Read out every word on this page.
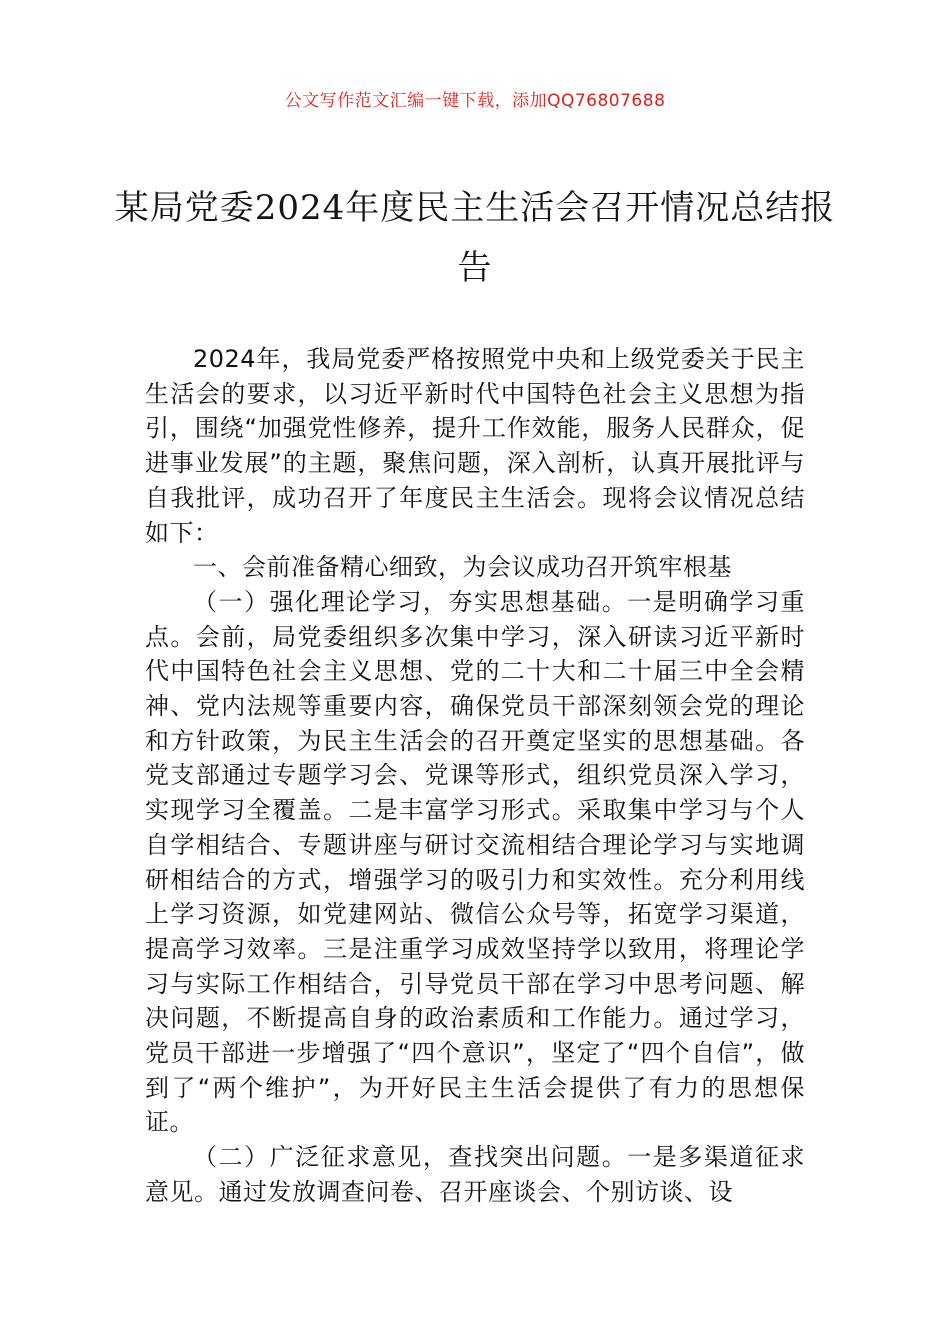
公文写作范文汇编一键下载，添加QQ76807688
某局党委2024年度民主生活会召开情况总结报告

2024年，我局党委严格按照党中央和上级党委关于民主生活会的要求，以习近平新时代中国特色社会主义思想为指引，围绕“加强党性修养，提升工作效能，服务人民群众，促进事业发展”的主题，聚焦问题，深入剖析，认真开展批评与自我批评，成功召开了年度民主生活会。现将会议情况总结如下：

一、会前准备精心细致，为会议成功召开筑牢根基

（一）强化理论学习，夯实思想基础。一是明确学习重点。会前，局党委组织多次集中学习，深入研读习近平新时代中国特色社会主义思想、党的二十大和二十届三中全会精神、党内法规等重要内容，确保党员干部深刻领会党的理论和方针政策，为民主生活会的召开奠定坚实的思想基础。各党支部通过专题学习会、党课等形式，组织党员深入学习，实现学习全覆盖。二是丰富学习形式。采取集中学习与个人自学相结合、专题讲座与研讨交流相结合理论学习与实地调研相结合的方式，增强学习的吸引力和实效性。充分利用线上学习资源，如党建网站、微信公众号等，拓宽学习渠道，提高学习效率。三是注重学习成效坚持学以致用，将理论学习与实际工作相结合，引导党员干部在学习中思考问题、解决问题，不断提高自身的政治素质和工作能力。通过学习，党员干部进一步增强了“四个意识”，坚定了“四个自信”，做到了“两个维护”，为开好民主生活会提供了有力的思想保证。

（二）广泛征求意见，查找突出问题。一是多渠道征求意见。通过发放调查问卷、召开座谈会、个别访谈、设
